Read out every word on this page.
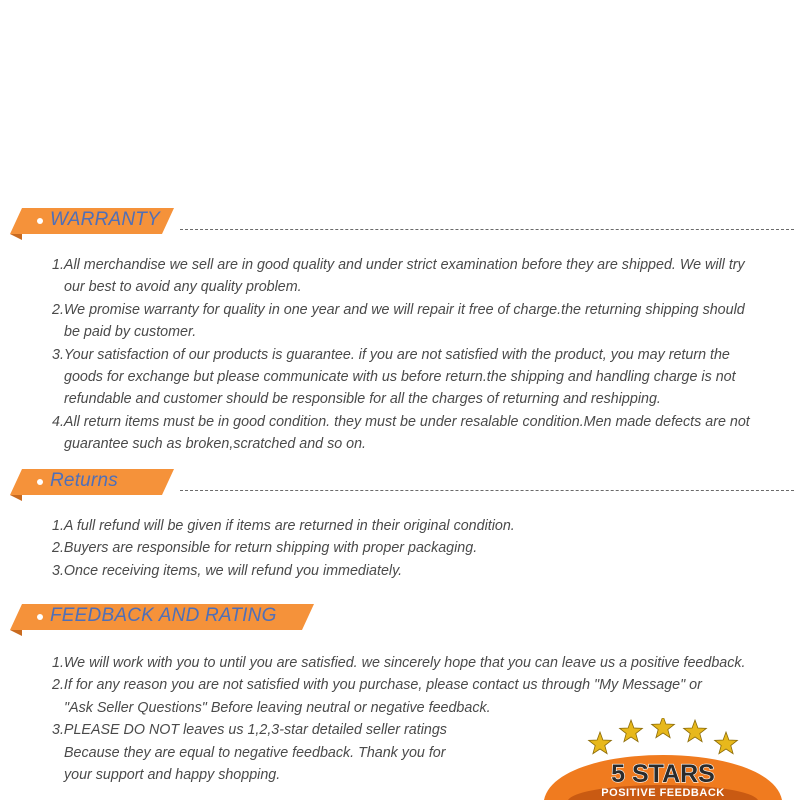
WARRANTY
1.All merchandise we sell are in good quality and under strict examination before they are shipped. We will try
our best to avoid any quality problem.
2.We promise warranty for quality in one year and we will repair it free of charge.the returning shipping should
be paid by customer.
3.Your satisfaction of our products is guarantee. if you are not satisfied with the product, you may return the
goods for exchange but please communicate with us before return.the shipping and handling charge is not
refundable and customer should be responsible for all the charges of returning and reshipping.
4.All return items must be in good condition. they must be under resalable condition.Men made defects are not
guarantee such as broken,scratched and so on.
Returns
1.A full refund will be given if items are returned in their original condition.
2.Buyers are responsible for return shipping with proper packaging.
3.Once receiving items, we will refund you immediately.
FEEDBACK AND RATING
1.We will work with you to until you are satisfied. we sincerely hope that you can leave us a positive feedback.
2.If for any reason you are not satisfied with you purchase, please contact us through "My Message" or
"Ask Seller Questions" Before leaving neutral or negative feedback.
3.PLEASE DO NOT leaves us 1,2,3-star detailed seller ratings
Because they are equal to negative feedback. Thank you for
your support and happy shopping.	5 STARS
POSITIVE FEEDBACK
